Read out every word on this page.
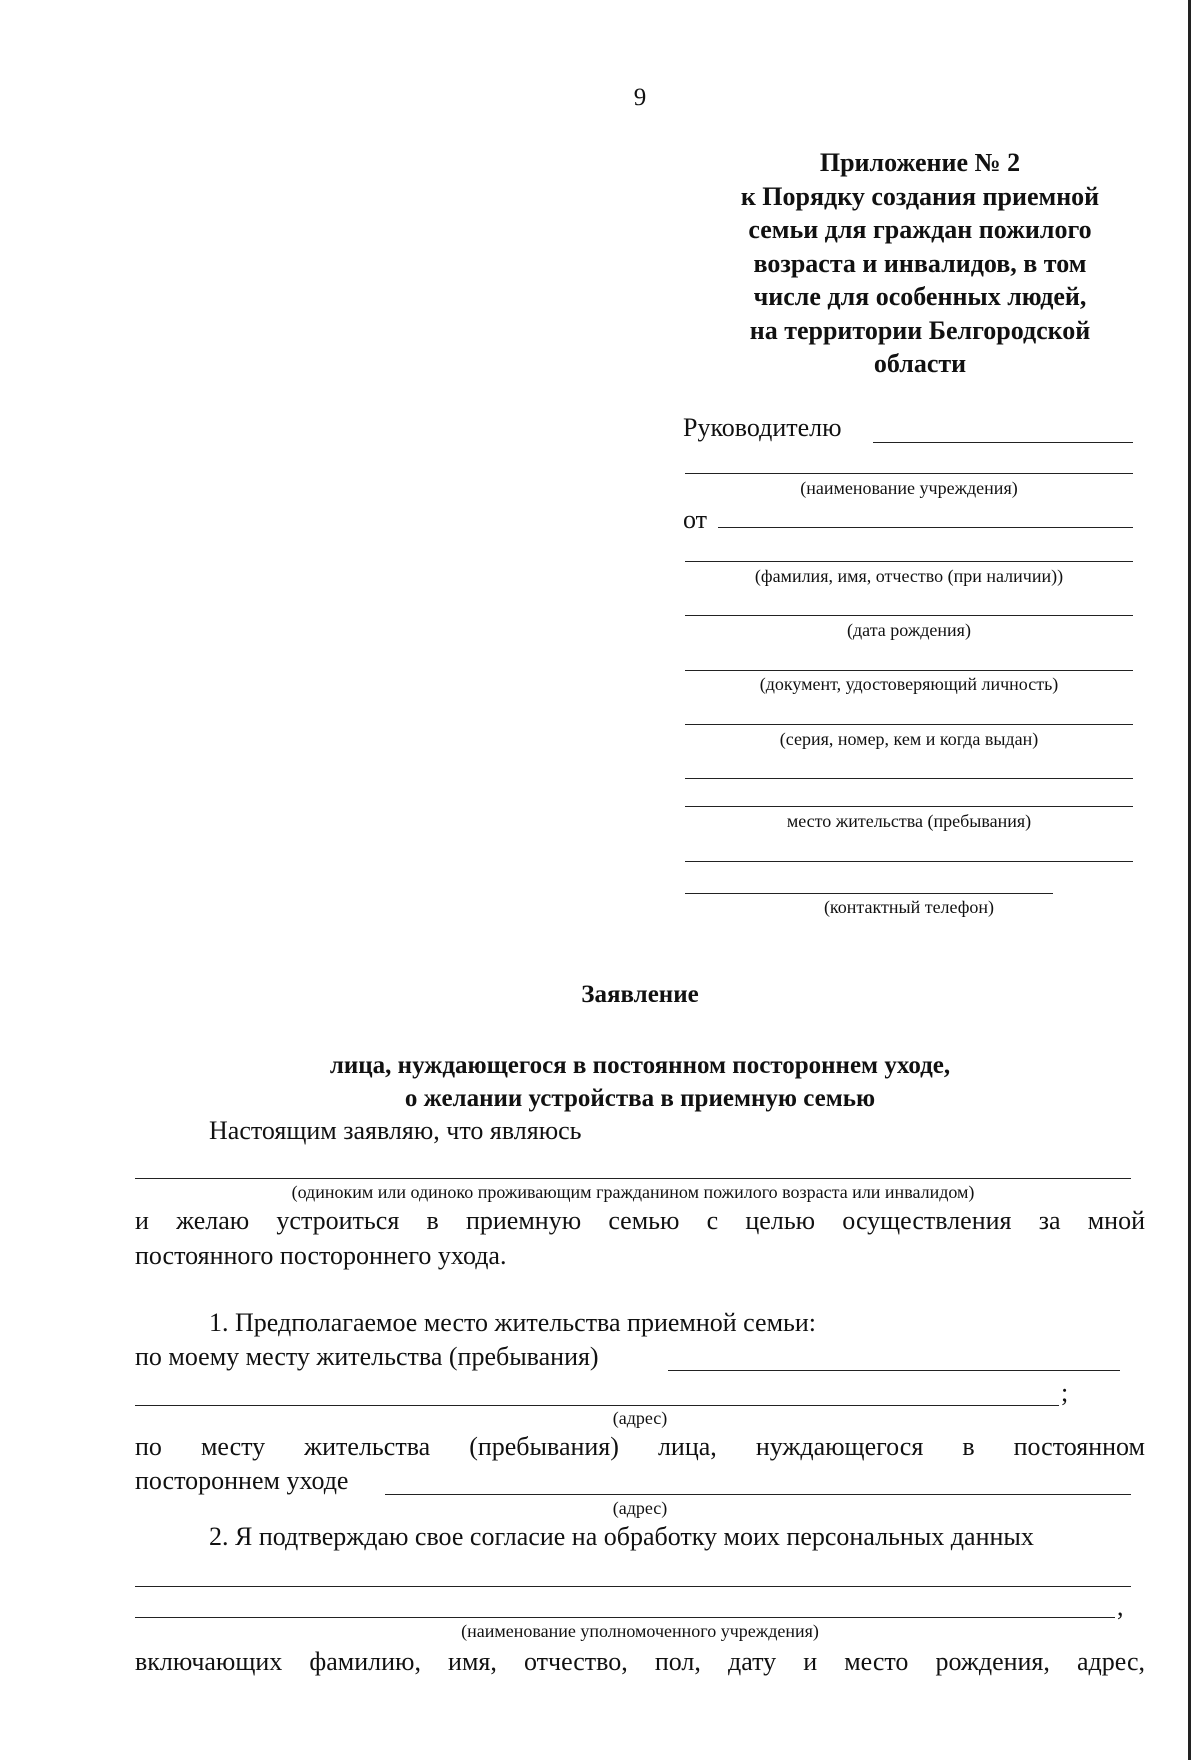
9
Приложение № 2
к Порядку создания приемной
семьи для граждан пожилого
возраста и инвалидов, в том
числе для особенных людей,
на территории Белгородской
области
Руководителю
(наименование учреждения)
от
(фамилия, имя, отчество (при наличии))
(дата рождения)
(документ, удостоверяющий личность)
(серия, номер, кем и когда выдан)
место жительства (пребывания)
(контактный телефон)
Заявление
лица, нуждающегося в постоянном постороннем уходе,
о желании устройства в приемную семью
Настоящим заявляю, что являюсь
(одиноким или одиноко проживающим гражданином пожилого возраста или инвалидом)
и желаю устроиться в приемную семью с целью осуществления за мной
постоянного постороннего ухода.
1. Предполагаемое место жительства приемной семьи:
по моему месту жительства (пребывания)
;
(адрес)
по месту жительства (пребывания) лица, нуждающегося в постоянном
постороннем уходе
(адрес)
2. Я подтверждаю свое согласие на обработку моих персональных данных
,
(наименование уполномоченного учреждения)
включающих фамилию, имя, отчество, пол, дату и место рождения, адрес,
